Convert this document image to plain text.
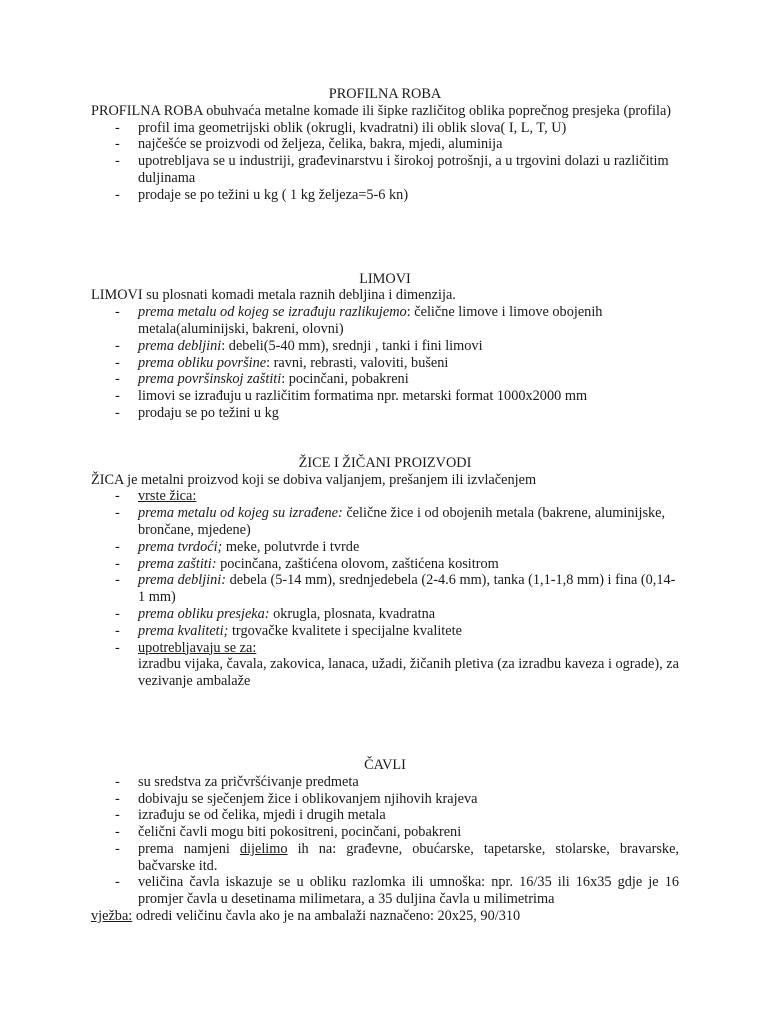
PROFILNA ROBA

PROFILNA ROBA obuhvaća metalne komade ili šipke različitog oblika poprečnog presjeka (profila)

- profil ima geometrijski oblik (okrugli, kvadratni) ili oblik slova( I, L, T, U)
- najčešće se proizvodi od željeza, čelika, bakra, mjedi, aluminija
- upotrebljava se u industriji, građevinarstvu i širokoj potrošnji, a u trgovini dolazi u različitim duljinama
- prodaje se po težini u kg ( 1 kg željeza=5-6 kn)

LIMOVI

LIMOVI su plosnati komadi metala raznih debljina i dimenzija.

- prema metalu od kojeg se izrađuju razlikujemo: čelične limove i limove obojenih metala(aluminijski, bakreni, olovni)
- prema debljini: debeli(5-40 mm), srednji , tanki i fini limovi
- prema obliku površine: ravni, rebrasti, valoviti, bušeni
- prema površinskoj zaštiti: pocinčani, pobakreni
- limovi se izrađuju u različitim formatima npr. metarski format 1000x2000 mm
- prodaju se po težini u kg

ŽICE I ŽIČANI PROIZVODI

ŽICA je metalni proizvod koji se dobiva valjanjem, prešanjem ili izvlačenjem

- vrste žica:
- prema metalu od kojeg su izrađene: čelične žice i od obojenih metala (bakrene, aluminijske, brončane, mjedene)
- prema tvrdoći; meke, polutvrde i tvrde
- prema zaštiti: pocinčana, zaštićena olovom, zaštićena kositrom
- prema debljini: debela (5-14 mm), srednjedebela (2-4.6 mm), tanka (1,1-1,8 mm) i fina (0,14-1 mm)
- prema obliku presjeka: okrugla, plosnata, kvadratna
- prema kvaliteti; trgovačke kvalitete i specijalne kvalitete
- upotrebljavaju se za:
izradbu vijaka, čavala, zakovica, lanaca, užadi, žičanih pletiva (za izradbu kaveza i ograde), za vezivanje ambalaže

ČAVLI

- su sredstva za pričvršćivanje predmeta
- dobivaju se sječenjem žice i oblikovanjem njihovih krajeva
- izrađuju se od čelika, mjedi i drugih metala
- čelični čavli mogu biti pokositreni, pocinčani, pobakreni
- prema namjeni dijelimo ih na: građevne, obućarske, tapetarske, stolarske, bravarske, bačvarske itd.
- veličina čavla iskazuje se u obliku razlomka ili umnoška: npr. 16/35 ili 16x35 gdje je 16 promjer čavla u desetinama milimetara, a 35 duljina čavla u milimetrima

vježba: odredi veličinu čavla ako je na ambalaži naznačeno: 20x25, 90/310
